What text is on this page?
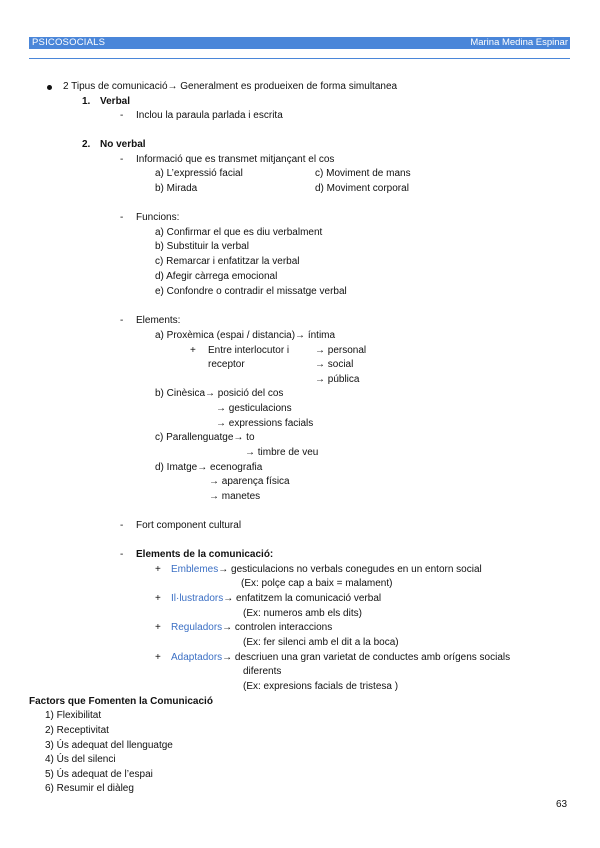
PSICOSOCIALS	Marina Medina Espinar
2 Tipus de comunicació→ Generalment es produeixen de forma simultanea
1. Verbal
- Inclou la paraula parlada i escrita
2. No verbal
- Informació que es transmet mitjançant el cos
a) L’expressió facial
b) Mirada
c) Moviment de mans
d) Moviment corporal
- Funcions:
a) Confirmar el que es diu verbalment
b) Substituir la verbal
c) Remarcar i enfatitzar la verbal
d) Afegir càrrega emocional
e) Confondre o contradir el missatge verbal
- Elements:
a) Proxèmica (espai / distancia)→ íntima
+ Entre interlocutor i
receptor
→ personal
→ social
→ pública
b) Cinèsica→ posició del cos
→ gesticulacions
→ expressions facials
c) Parallenguatge→ to
→ timbre de veu
d) Imatge→ ecenografia
→ aparença física
→ manetes
- Fort component cultural
- Elements de la comunicació:
+ Emblemes→ gesticulacions no verbals conegudes en un entorn social
(Ex: polçe cap a baix = malament)
+ Il·lustradors→ enfatitzem la comunicació verbal
(Ex: numeros amb els dits)
+ Reguladors→ controlen interaccions
(Ex: fer silenci amb el dit a la boca)
+ Adaptadors→ descriuen una gran varietat de conductes amb orígens socials
diferents
(Ex: expresions facials de tristesa )
Factors que Fomenten la Comunicació
1) Flexibilitat
2) Receptivitat
3) Ús adequat del llenguatge
4) Ús del silenci
5) Ús adequat de l’espai
6) Resumir el diàleg
63
